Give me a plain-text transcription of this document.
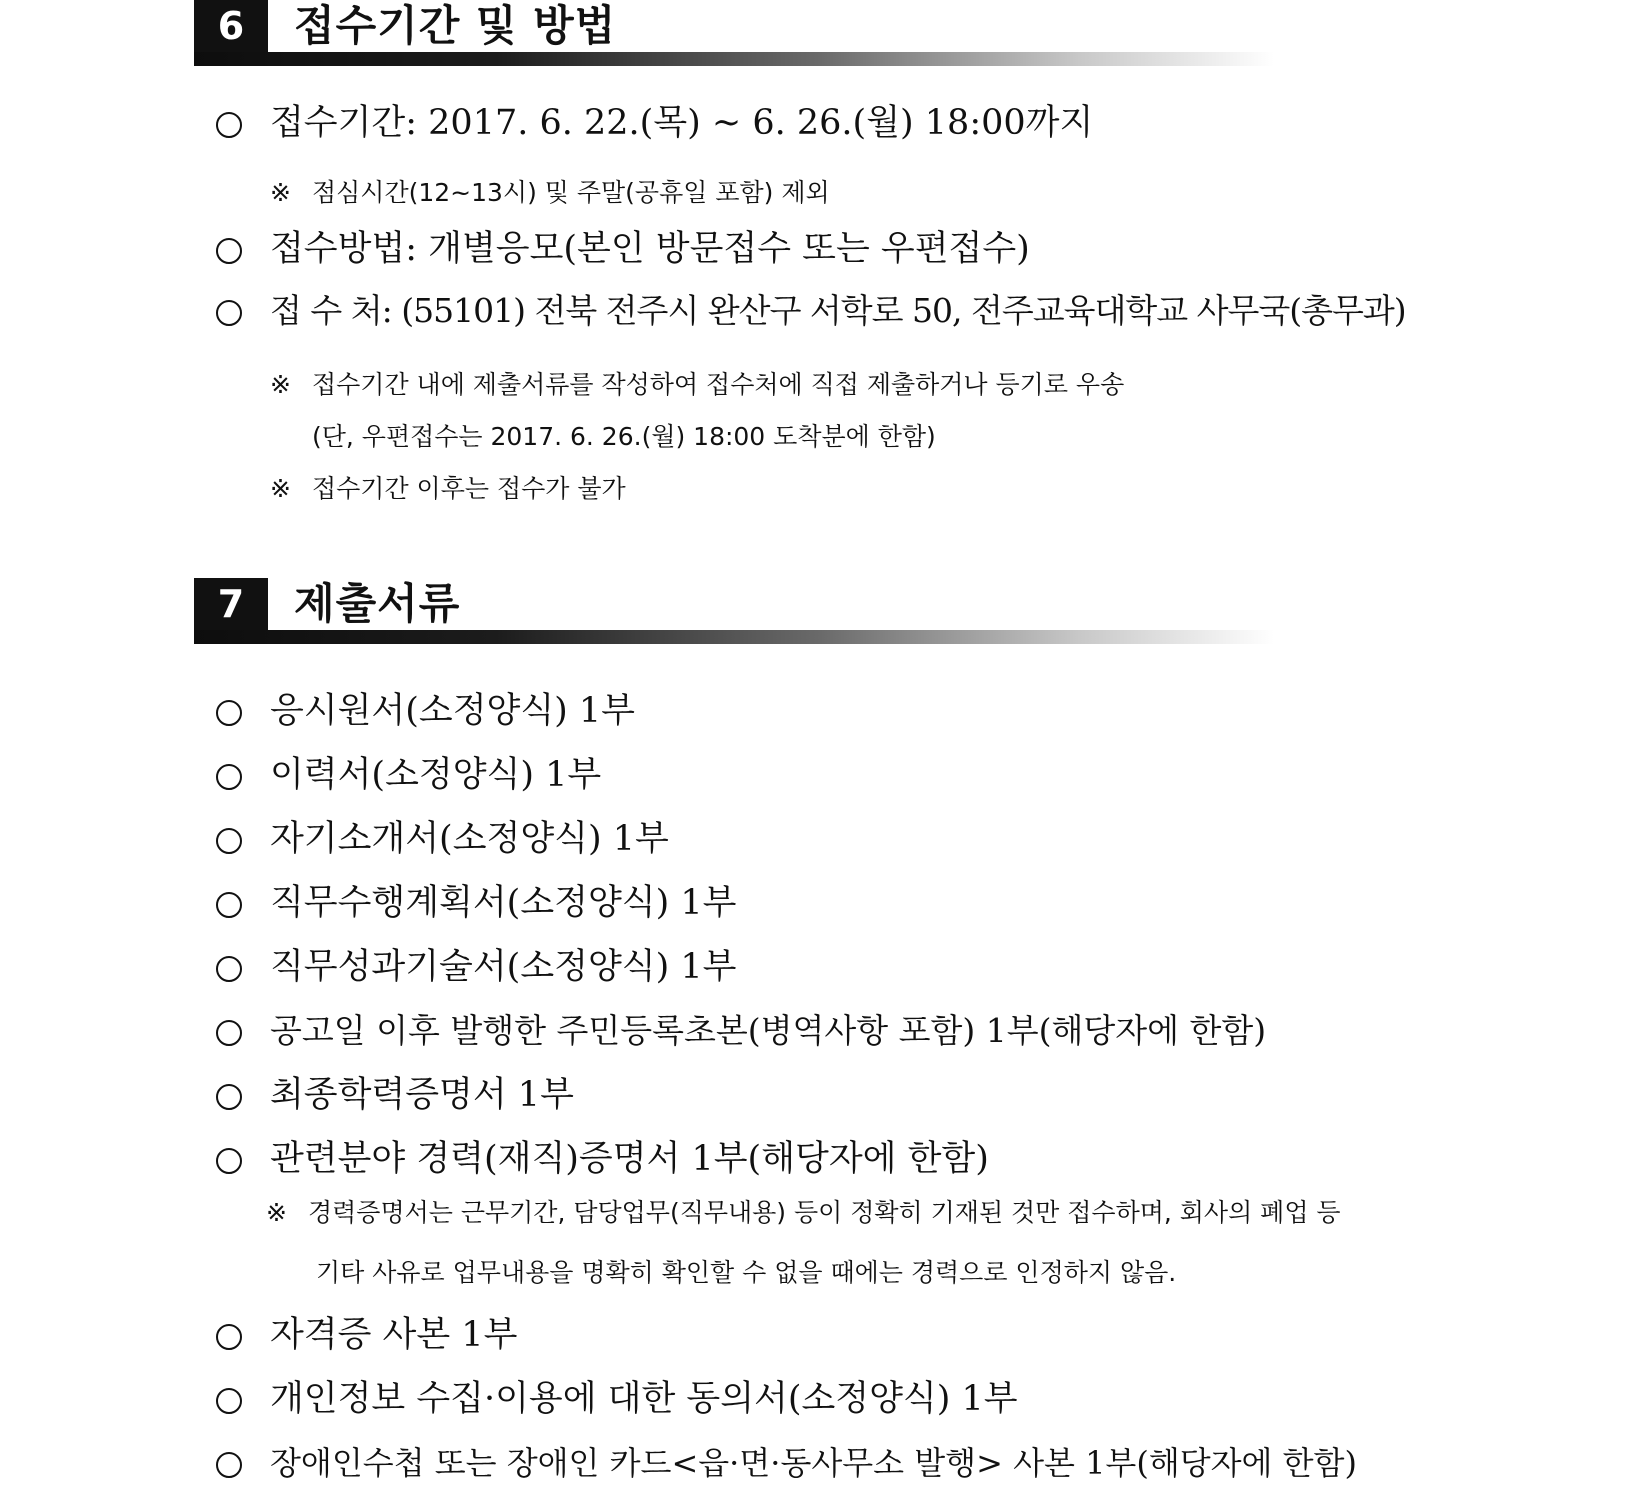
6	접수기간 및 방법
접수기간: 2017. 6. 22.(목) ~ 6. 26.(월) 18:00까지
※ 점심시간(12~13시) 및 주말(공휴일 포함) 제외
접수방법: 개별응모(본인 방문접수 또는 우편접수)
접 수 처: (55101) 전북 전주시 완산구 서학로 50, 전주교육대학교 사무국(총무과)
※ 접수기간 내에 제출서류를 작성하여 접수처에 직접 제출하거나 등기로 우송
(단, 우편접수는 2017. 6. 26.(월) 18:00 도착분에 한함)
※ 접수기간 이후는 접수가 불가
7	제출서류
응시원서(소정양식) 1부
이력서(소정양식) 1부
자기소개서(소정양식) 1부
직무수행계획서(소정양식) 1부
직무성과기술서(소정양식) 1부
공고일 이후 발행한 주민등록초본(병역사항 포함) 1부(해당자에 한함)
최종학력증명서 1부
관련분야 경력(재직)증명서 1부(해당자에 한함)
※ 경력증명서는 근무기간, 담당업무(직무내용) 등이 정확히 기재된 것만 접수하며, 회사의 폐업 등
기타 사유로 업무내용을 명확히 확인할 수 없을 때에는 경력으로 인정하지 않음.
자격증 사본 1부
개인정보 수집·이용에 대한 동의서(소정양식) 1부
장애인수첩 또는 장애인 카드<읍·면·동사무소 발행> 사본 1부(해당자에 한함)
